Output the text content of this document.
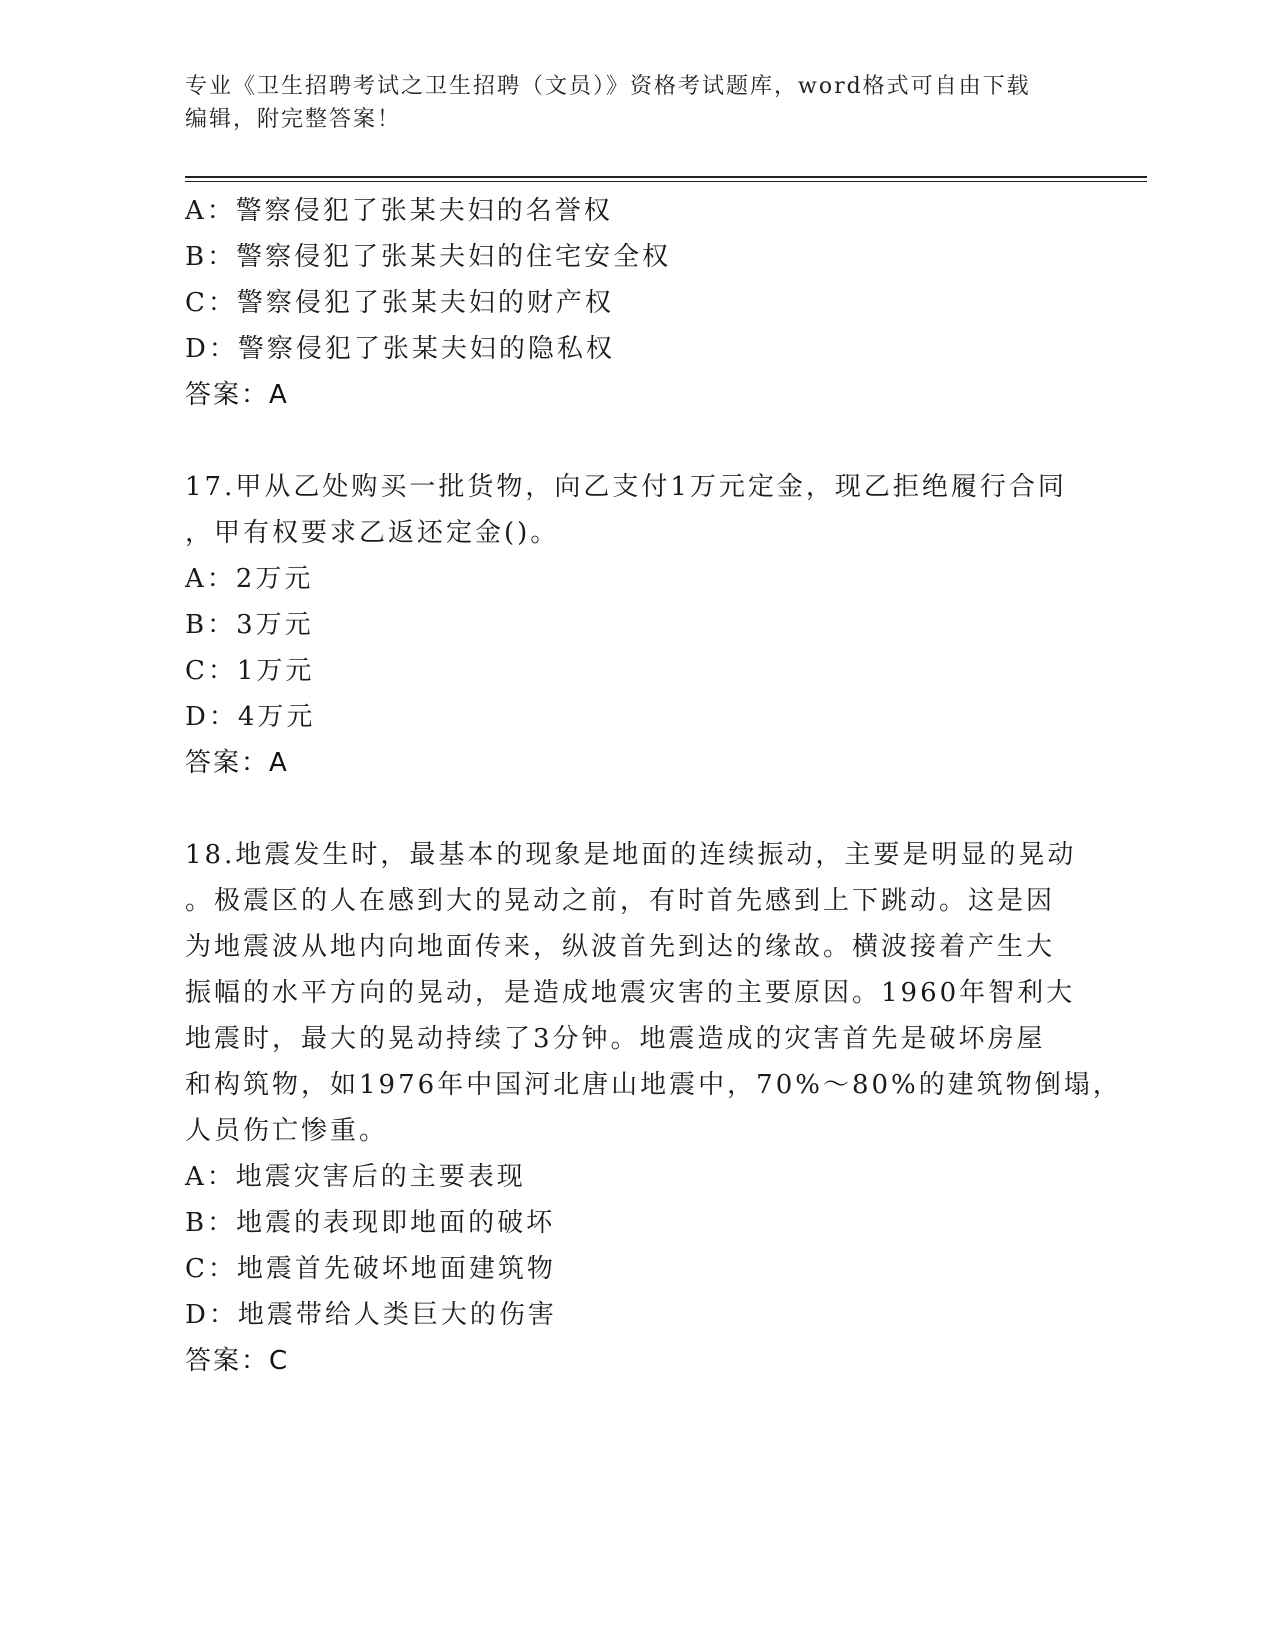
专业《卫生招聘考试之卫生招聘（文员）》资格考试题库，word格式可自由下载
编辑，附完整答案！
A：警察侵犯了张某夫妇的名誉权
B：警察侵犯了张某夫妇的住宅安全权
C：警察侵犯了张某夫妇的财产权
D：警察侵犯了张某夫妇的隐私权
答案：A
17.甲从乙处购买一批货物，向乙支付1万元定金，现乙拒绝履行合同
，甲有权要求乙返还定金()。
A：2万元
B：3万元
C：1万元
D：4万元
答案：A
18.地震发生时，最基本的现象是地面的连续振动，主要是明显的晃动
。极震区的人在感到大的晃动之前，有时首先感到上下跳动。这是因
为地震波从地内向地面传来，纵波首先到达的缘故。横波接着产生大
振幅的水平方向的晃动，是造成地震灾害的主要原因。1960年智利大
地震时，最大的晃动持续了3分钟。地震造成的灾害首先是破坏房屋
和构筑物，如1976年中国河北唐山地震中，70%～80%的建筑物倒塌，
人员伤亡惨重。
A：地震灾害后的主要表现
B：地震的表现即地面的破坏
C：地震首先破坏地面建筑物
D：地震带给人类巨大的伤害
答案：C
